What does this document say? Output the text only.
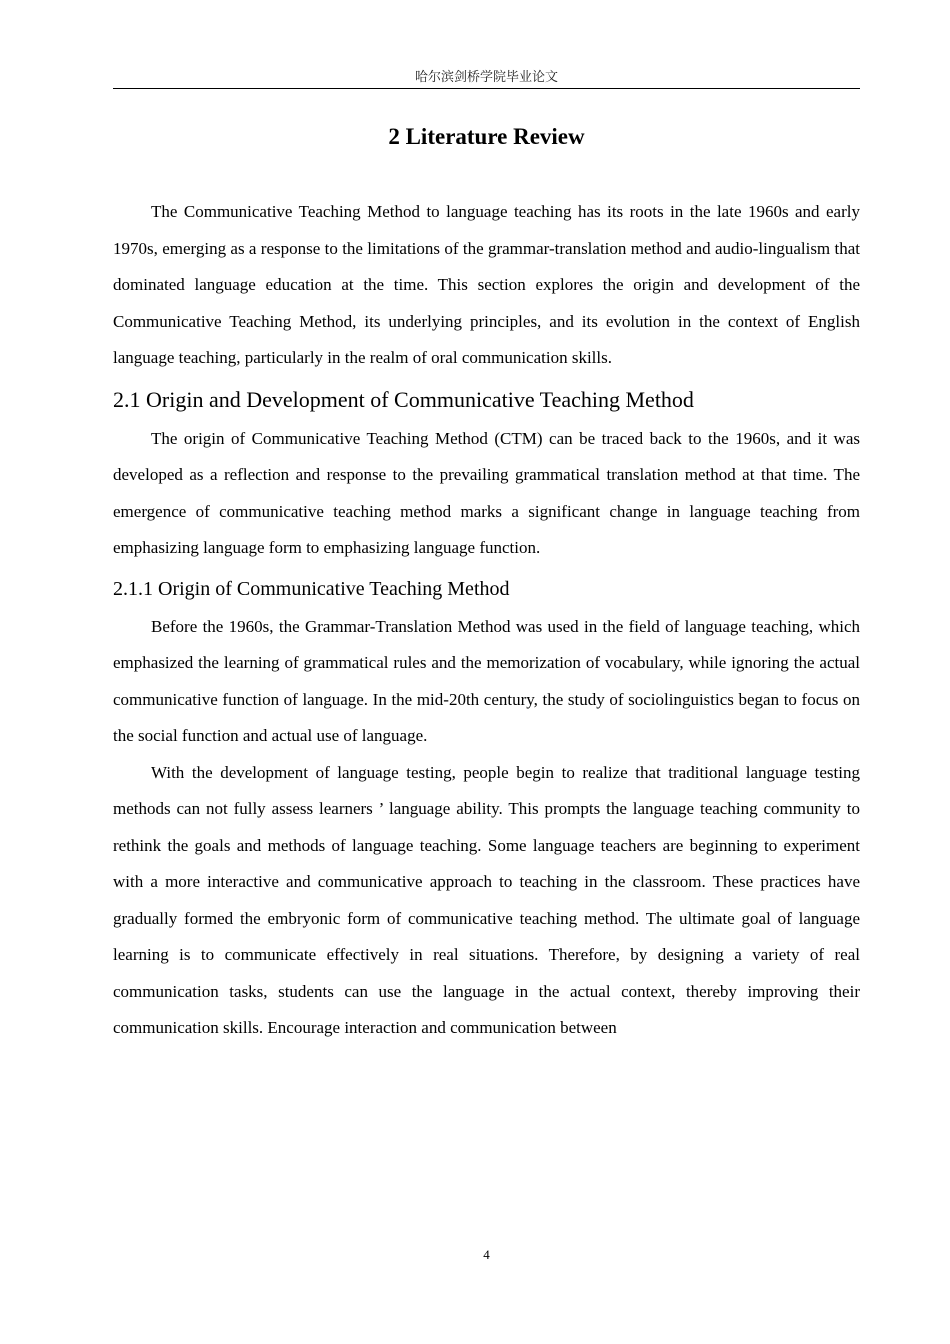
哈尔滨剑桥学院毕业论文
2 Literature Review

The Communicative Teaching Method to language teaching has its roots in the late 1960s and early 1970s, emerging as a response to the limitations of the grammar-translation method and audio-lingualism that dominated language education at the time. This section explores the origin and development of the Communicative Teaching Method, its underlying principles, and its evolution in the context of English language teaching, particularly in the realm of oral communication skills.

2.1 Origin and Development of Communicative Teaching Method

The origin of Communicative Teaching Method (CTM) can be traced back to the 1960s, and it was developed as a reflection and response to the prevailing grammatical translation method at that time. The emergence of communicative teaching method marks a significant change in language teaching from emphasizing language form to emphasizing language function.

2.1.1 Origin of Communicative Teaching Method

Before the 1960s, the Grammar-Translation Method was used in the field of language teaching, which emphasized the learning of grammatical rules and the memorization of vocabulary, while ignoring the actual communicative function of language. In the mid-20th century, the study of sociolinguistics began to focus on the social function and actual use of language.

With the development of language testing, people begin to realize that traditional language testing methods can not fully assess learners ’ language ability. This prompts the language teaching community to rethink the goals and methods of language teaching. Some language teachers are beginning to experiment with a more interactive and communicative approach to teaching in the classroom. These practices have gradually formed the embryonic form of communicative teaching method. The ultimate goal of language learning is to communicate effectively in real situations. Therefore, by designing a variety of real communication tasks, students can use the language in the actual context, thereby improving their communication skills. Encourage interaction and communication between

4
